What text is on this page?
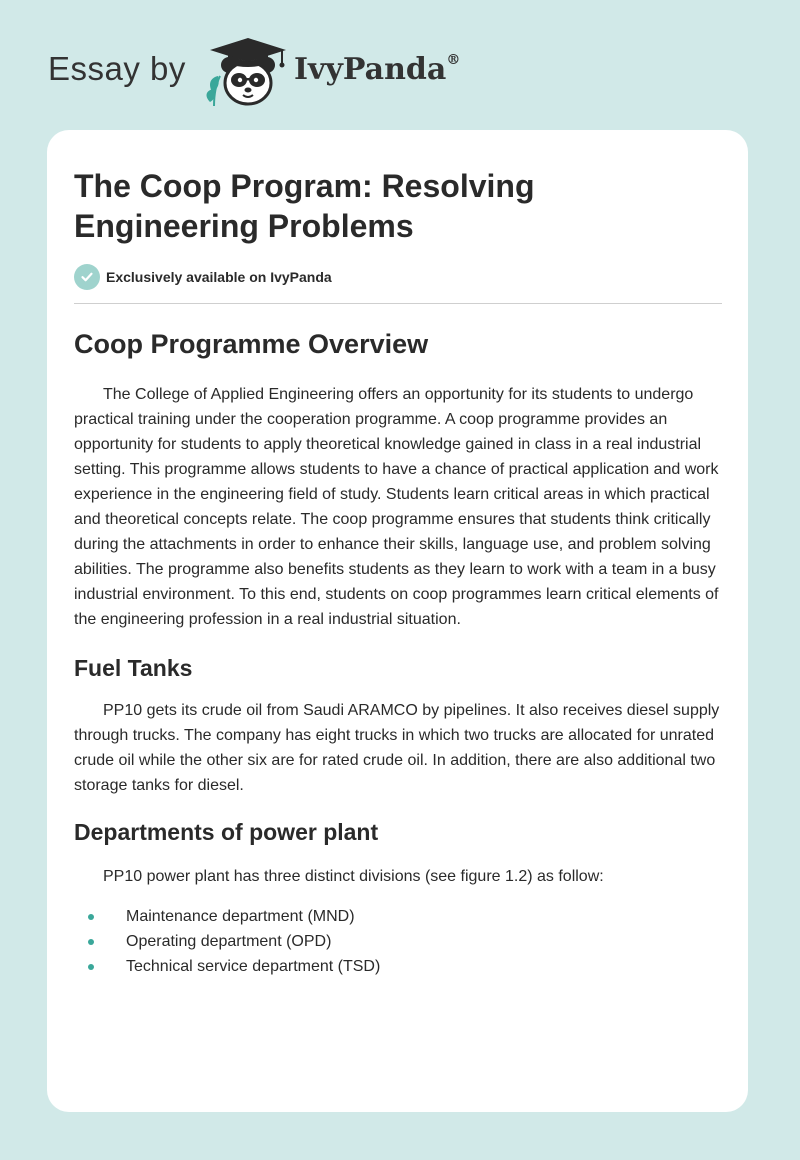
Essay by	IvyPanda®
The Coop Program: Resolving Engineering Problems
Exclusively available on IvyPanda
Coop Programme Overview

The College of Applied Engineering offers an opportunity for its students to undergo practical training under the cooperation programme. A coop programme provides an opportunity for students to apply theoretical knowledge gained in class in a real industrial setting. This programme allows students to have a chance of practical application and work experience in the engineering field of study. Students learn critical areas in which practical and theoretical concepts relate. The coop programme ensures that students think critically during the attachments in order to enhance their skills, language use, and problem solving abilities. The programme also benefits students as they learn to work with a team in a busy industrial environment. To this end, students on coop programmes learn critical elements of the engineering profession in a real industrial situation.

Fuel Tanks

PP10 gets its crude oil from Saudi ARAMCO by pipelines. It also receives diesel supply through trucks. The company has eight trucks in which two trucks are allocated for unrated crude oil while the other six are for rated crude oil. In addition, there are also additional two storage tanks for diesel.

Departments of power plant

PP10 power plant has three distinct divisions (see figure 1.2) as follow:

Maintenance department (MND)
Operating department (OPD)
Technical service department (TSD)
